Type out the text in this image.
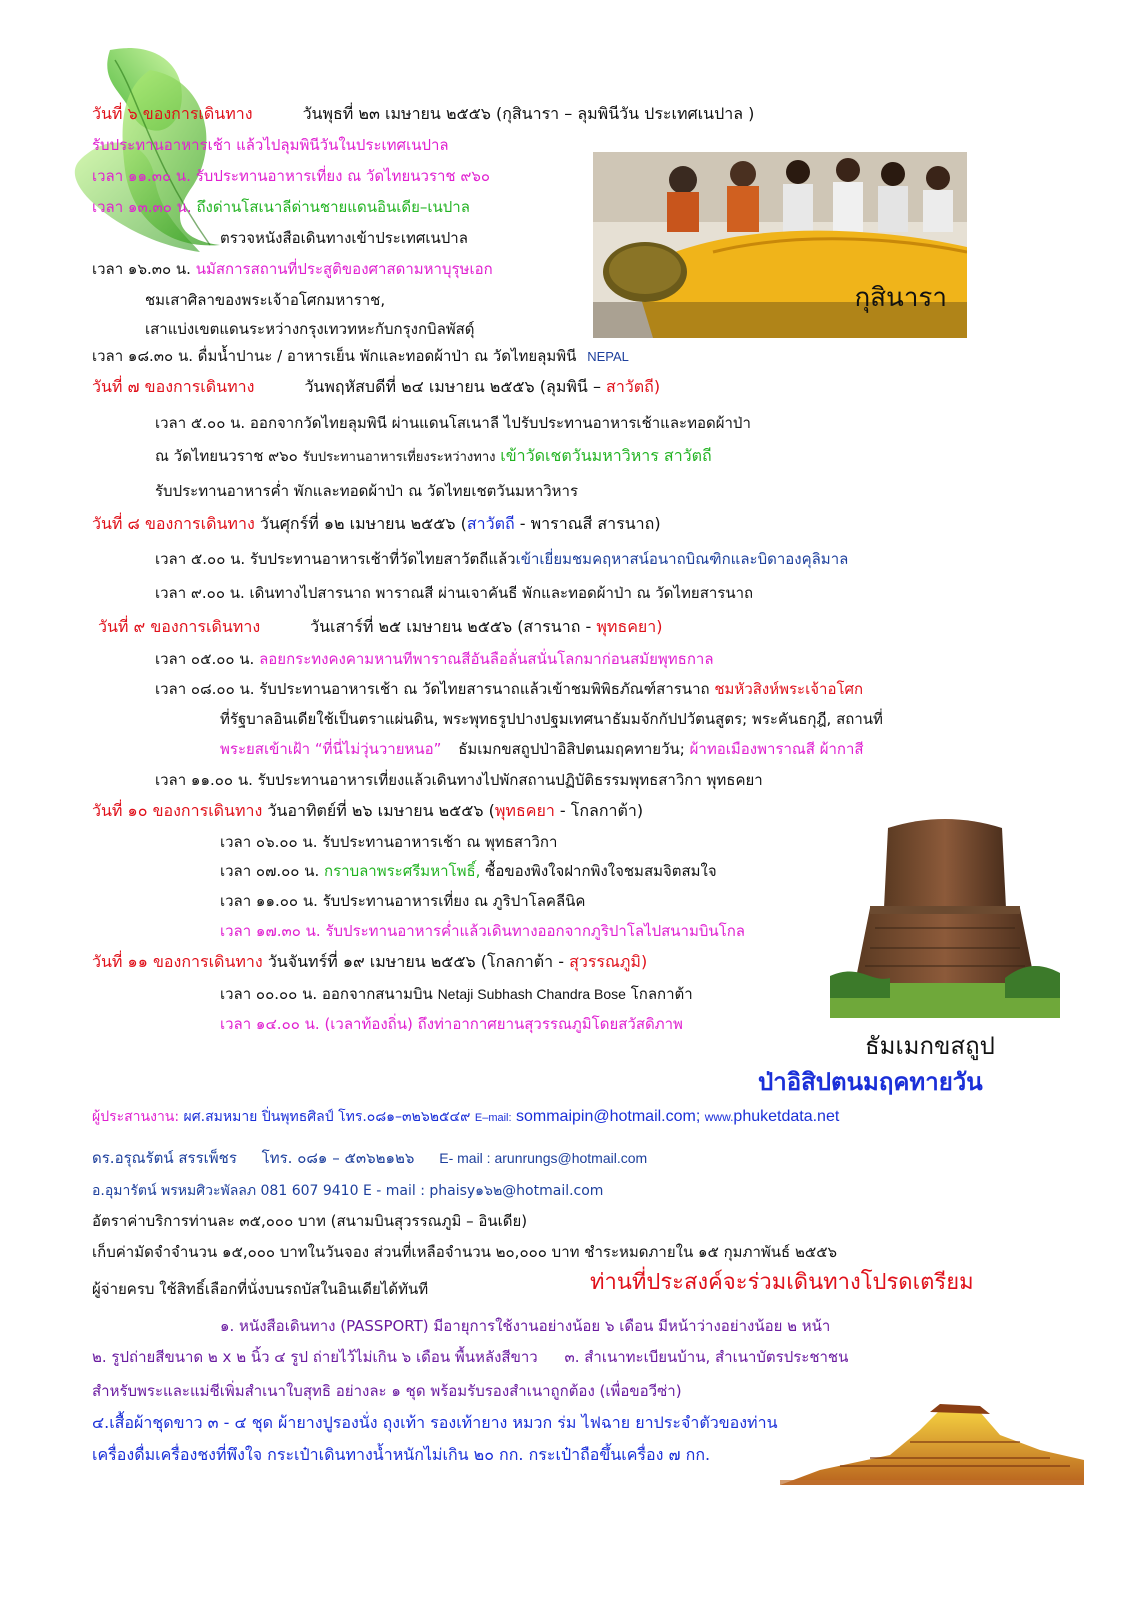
วันที่ ๖ ของการเดินทาง	วันพุธที่ ๒๓ เมษายน ๒๕๕๖ (กุสินารา – ลุมพินีวัน ประเทศเนปาล )
รับประทานอาหารเช้า แล้วไปลุมพินีวันในประเทศเนปาล
เวลา ๑๑.๓๐ น. รับประทานอาหารเที่ยง ณ วัดไทยนวราช ๙๖๐
เวลา ๑๓.๓๐ น. ถึงด่านโสเนาลีด่านชายแดนอินเดีย–เนปาล
ตรวจหนังสือเดินทางเข้าประเทศเนปาล
เวลา ๑๖.๓๐ น. นมัสการสถานที่ประสูติของศาสดามหาบุรุษเอก
ชมเสาศิลาของพระเจ้าอโศกมหาราช,
เสาแบ่งเขตแดนระหว่างกรุงเทวทหะกับกรุงกบิลพัสดุ์
เวลา ๑๘.๓๐ น. ดื่มน้ำปานะ / อาหารเย็น พักและทอดผ้าป่า ณ วัดไทยลุมพินี NEPAL
กุสินารา
วันที่ ๗ ของการเดินทาง	วันพฤหัสบดีที่ ๒๔ เมษายน ๒๕๕๖ (ลุมพินี – สาวัตถี)
เวลา ๕.๐๐ น. ออกจากวัดไทยลุมพินี ผ่านแดนโสเนาลี ไปรับประทานอาหารเช้าและทอดผ้าป่า
ณ วัดไทยนวราช ๙๖๐ รับประทานอาหารเที่ยงระหว่างทาง เข้าวัดเชตวันมหาวิหาร สาวัตถี
รับประทานอาหารค่ำ พักและทอดผ้าป่า ณ วัดไทยเชตวันมหาวิหาร
วันที่ ๘ ของการเดินทาง วันศุกร์ที่ ๑๒ เมษายน ๒๕๕๖ (สาวัตถี - พาราณสี สารนาถ)
เวลา ๕.๐๐ น. รับประทานอาหารเช้าที่วัดไทยสาวัตถีแล้วเข้าเยี่ยมชมคฤหาสน์อนาถบิณฑิกและบิดาองคุลิมาล
เวลา ๙.๐๐ น. เดินทางไปสารนาถ พาราณสี ผ่านเจาคันธี พักและทอดผ้าป่า ณ วัดไทยสารนาถ
วันที่ ๙ ของการเดินทาง	วันเสาร์ที่ ๒๕ เมษายน ๒๕๕๖ (สารนาถ - พุทธคยา)
เวลา ๐๕.๐๐ น. ลอยกระทงคงคามหานทีพาราณสีอันลือลั่นสนั่นโลกมาก่อนสมัยพุทธกาล
เวลา ๐๘.๐๐ น. รับประทานอาหารเช้า ณ วัดไทยสารนาถแล้วเข้าชมพิพิธภัณฑ์สารนาถ ชมหัวสิงห์พระเจ้าอโศก
ที่รัฐบาลอินเดียใช้เป็นตราแผ่นดิน, พระพุทธรูปปางปฐมเทศนาธัมมจักกัปปวัตนสูตร; พระคันธกุฎี, สถานที่
พระยสเข้าเฝ้า “ที่นี่ไม่วุ่นวายหนอ” ธัมเมกขสถูปป่าอิสิปตนมฤคทายวัน; ผ้าทอเมืองพาราณสี ผ้ากาสี
เวลา ๑๑.๐๐ น. รับประทานอาหารเที่ยงแล้วเดินทางไปพักสถานปฏิบัติธรรมพุทธสาวิกา พุทธคยา
วันที่ ๑๐ ของการเดินทาง วันอาทิตย์ที่ ๒๖ เมษายน ๒๕๕๖ (พุทธคยา - โกลกาต้า)
เวลา ๐๖.๐๐ น. รับประทานอาหารเช้า ณ พุทธสาวิกา
เวลา ๐๗.๐๐ น. กราบลาพระศรีมหาโพธิ์, ซื้อของพิงใจฝากพิงใจชมสมจิตสมใจ
เวลา ๑๑.๐๐ น. รับประทานอาหารเที่ยง ณ ภูริปาโลคลีนิค
เวลา ๑๗.๓๐ น. รับประทานอาหารค่ำแล้วเดินทางออกจากภูริปาโลไปสนามบินโกล
วันที่ ๑๑ ของการเดินทาง วันจันทร์ที่ ๑๙ เมษายน ๒๕๕๖ (โกลกาต้า - สุวรรณภูมิ)
เวลา ๐๐.๐๐ น. ออกจากสนามบิน Netaji Subhash Chandra Bose โกลกาต้า
เวลา ๑๔.๐๐ น. (เวลาท้องถิ่น) ถึงท่าอากาศยานสุวรรณภูมิโดยสวัสดิภาพ
ธัมเมกขสถูป
ป่าอิสิปตนมฤคทายวัน
ผู้ประสานงาน: ผศ.สมหมาย ปิ่นพุทธศิลป์ โทร.๐๘๑–๓๒๖๒๕๔๙ E–mail: sommaipin@hotmail.com; www.phuketdata.net
ดร.อรุณรัตน์ สรรเพ็ชร โทร. ๐๘๑ – ๕๓๖๒๑๒๖ E- mail : arunrungs@hotmail.com
อ.อุมารัตน์ พรหมศิวะพัลลภ 081 607 9410 E - mail : phaisy๑๖๒@hotmail.com
อัตราค่าบริการท่านละ ๓๕,๐๐๐ บาท (สนามบินสุวรรณภูมิ – อินเดีย)
เก็บค่ามัดจำจำนวน ๑๕,๐๐๐ บาทในวันจอง ส่วนที่เหลือจำนวน ๒๐,๐๐๐ บาท ชำระหมดภายใน ๑๕ กุมภาพันธ์ ๒๕๕๖
ผู้จ่ายครบ ใช้สิทธิ์เลือกที่นั่งบนรถบัสในอินเดียได้ทันที	ท่านที่ประสงค์จะร่วมเดินทางโปรดเตรียม
๑. หนังสือเดินทาง (PASSPORT) มีอายุการใช้งานอย่างน้อย ๖ เดือน มีหน้าว่างอย่างน้อย ๒ หน้า
๒. รูปถ่ายสีขนาด ๒ x ๒ นิ้ว ๔ รูป ถ่ายไว้ไม่เกิน ๖ เดือน พื้นหลังสีขาว ๓. สำเนาทะเบียนบ้าน, สำเนาบัตรประชาชน
สำหรับพระและแม่ชีเพิ่มสำเนาใบสุทธิ อย่างละ ๑ ชุด พร้อมรับรองสำเนาถูกต้อง (เพื่อขอวีซ่า)
๔.เสื้อผ้าชุดขาว ๓ - ๔ ชุด ผ้ายางปูรองนั่ง ถุงเท้า รองเท้ายาง หมวก ร่ม ไฟฉาย ยาประจำตัวของท่าน
เครื่องดื่มเครื่องชงที่พึงใจ กระเป๋าเดินทางน้ำหนักไม่เกิน ๒๐ กก. กระเป๋าถือขึ้นเครื่อง ๗ กก.
